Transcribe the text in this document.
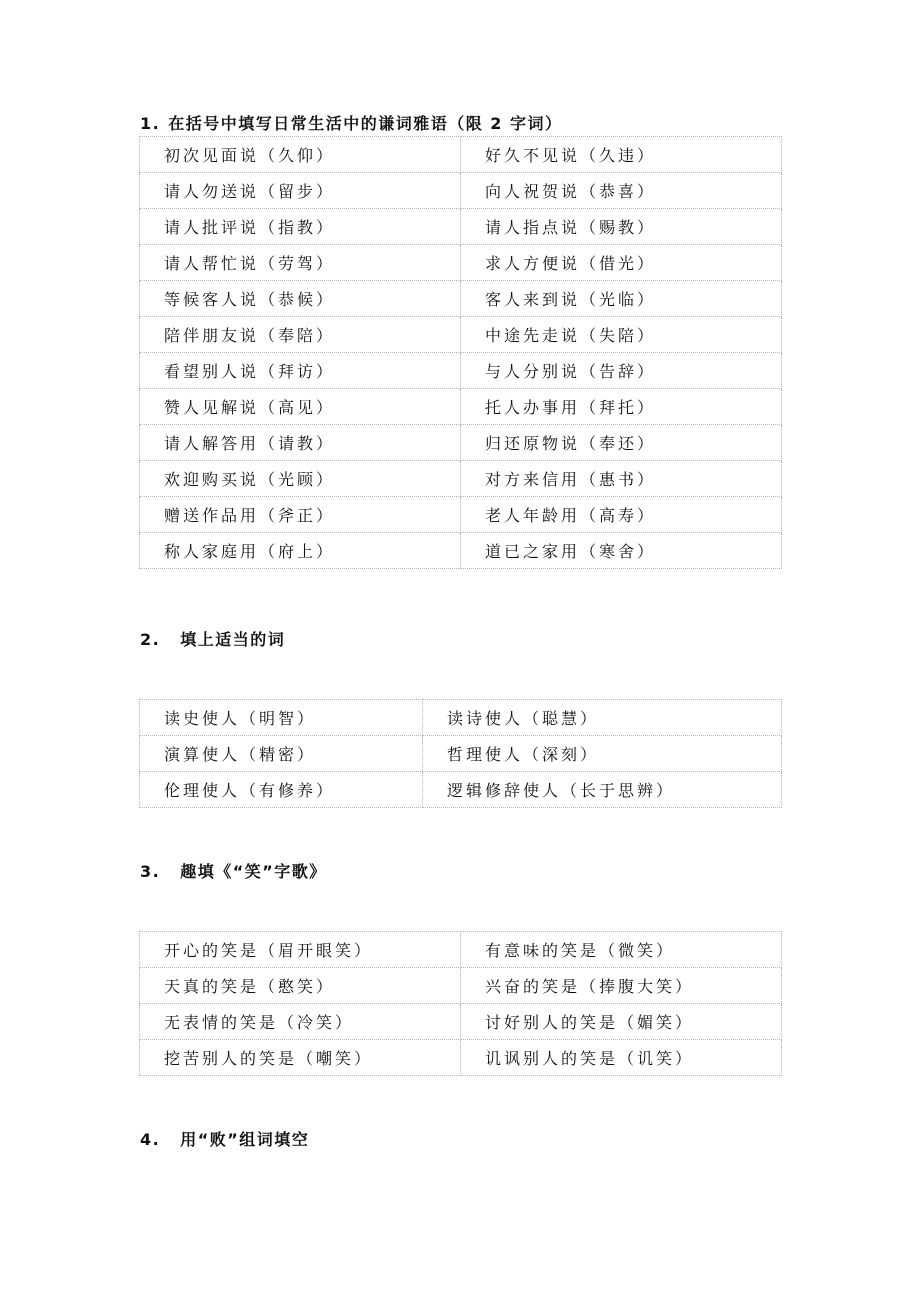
1. 在括号中填写日常生活中的谦词雅语（限 2 字词）
初次见面说（久仰）	好久不见说（久违）
请人勿送说（留步）	向人祝贺说（恭喜）
请人批评说（指教）	请人指点说（赐教）
请人帮忙说（劳驾）	求人方便说（借光）
等候客人说（恭候）	客人来到说（光临）
陪伴朋友说（奉陪）	中途先走说（失陪）
看望别人说（拜访）	与人分别说（告辞）
赞人见解说（高见）	托人办事用（拜托）
请人解答用（请教）	归还原物说（奉还）
欢迎购买说（光顾）	对方来信用（惠书）
赠送作品用（斧正）	老人年龄用（高寿）
称人家庭用（府上）	道已之家用（寒舍）
2. 填上适当的词
读史使人（明智）	读诗使人（聪慧）
演算使人（精密）	哲理使人（深刻）
伦理使人（有修养）	逻辑修辞使人（长于思辨）
3. 趣填《“笑”字歌》
开心的笑是（眉开眼笑）	有意味的笑是（微笑）
天真的笑是（憨笑）	兴奋的笑是（捧腹大笑）
无表情的笑是（冷笑）	讨好别人的笑是（媚笑）
挖苦别人的笑是（嘲笑）	讥讽别人的笑是（讥笑）
4. 用“败”组词填空
